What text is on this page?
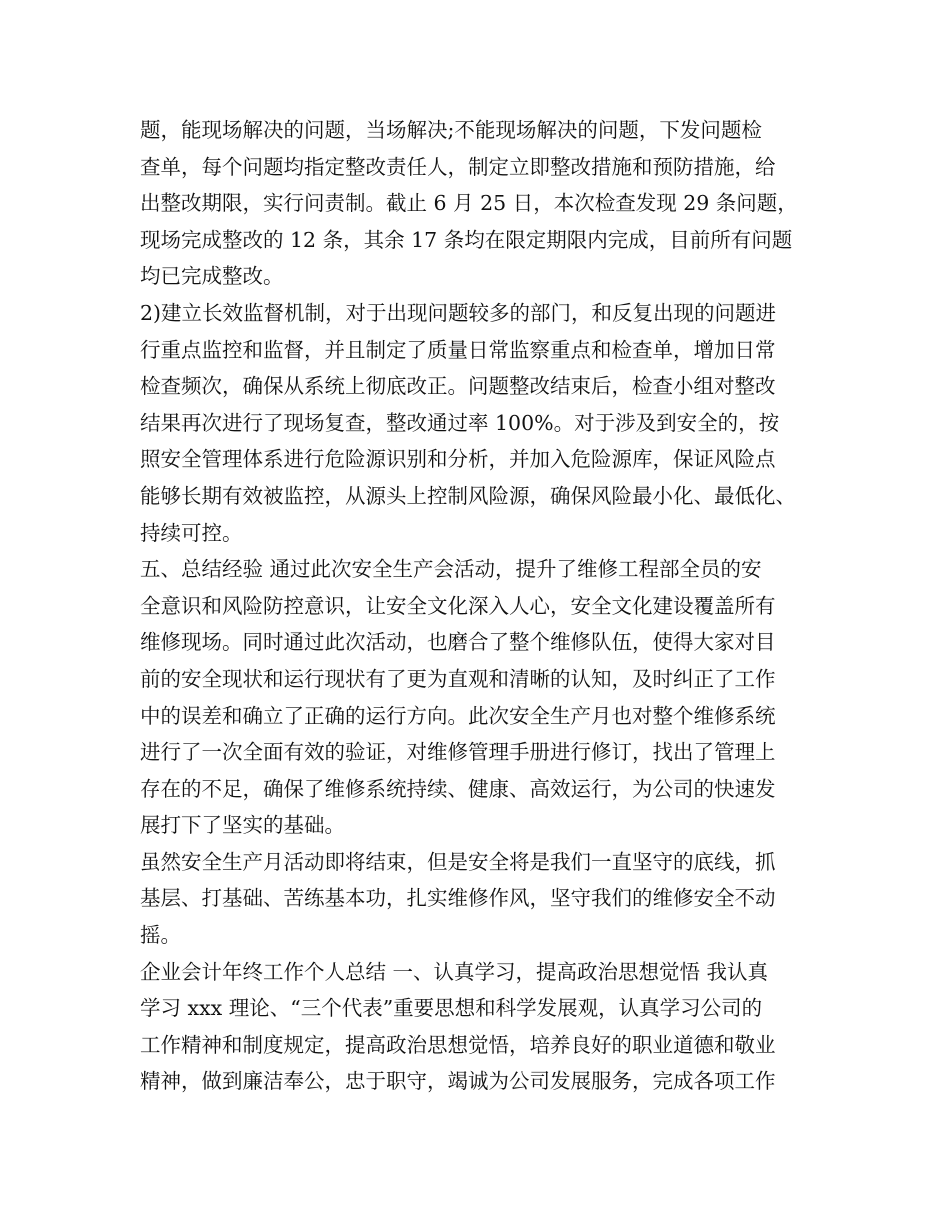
题，能现场解决的问题，当场解决;不能现场解决的问题，下发问题检
查单，每个问题均指定整改责任人，制定立即整改措施和预防措施，给
出整改期限，实行问责制。截止 6 月 25 日，本次检查发现 29 条问题，
现场完成整改的 12 条，其余 17 条均在限定期限内完成，目前所有问题
均已完成整改。
2)建立长效监督机制，对于出现问题较多的部门，和反复出现的问题进
行重点监控和监督，并且制定了质量日常监察重点和检查单，增加日常
检查频次，确保从系统上彻底改正。问题整改结束后，检查小组对整改
结果再次进行了现场复查，整改通过率 100%。对于涉及到安全的，按
照安全管理体系进行危险源识别和分析，并加入危险源库，保证风险点
能够长期有效被监控，从源头上控制风险源，确保风险最小化、最低化、
持续可控。
五、总结经验 通过此次安全生产会活动，提升了维修工程部全员的安
全意识和风险防控意识，让安全文化深入人心，安全文化建设覆盖所有
维修现场。同时通过此次活动，也磨合了整个维修队伍，使得大家对目
前的安全现状和运行现状有了更为直观和清晰的认知，及时纠正了工作
中的误差和确立了正确的运行方向。此次安全生产月也对整个维修系统
进行了一次全面有效的验证，对维修管理手册进行修订，找出了管理上
存在的不足，确保了维修系统持续、健康、高效运行，为公司的快速发
展打下了坚实的基础。
虽然安全生产月活动即将结束，但是安全将是我们一直坚守的底线，抓
基层、打基础、苦练基本功，扎实维修作风，坚守我们的维修安全不动
摇。
企业会计年终工作个人总结 一、认真学习，提高政治思想觉悟 我认真
学习 xxx 理论、“三个代表”重要思想和科学发展观，认真学习公司的
工作精神和制度规定，提高政治思想觉悟，培养良好的职业道德和敬业
精神，做到廉洁奉公，忠于职守，竭诚为公司发展服务，完成各项工作
